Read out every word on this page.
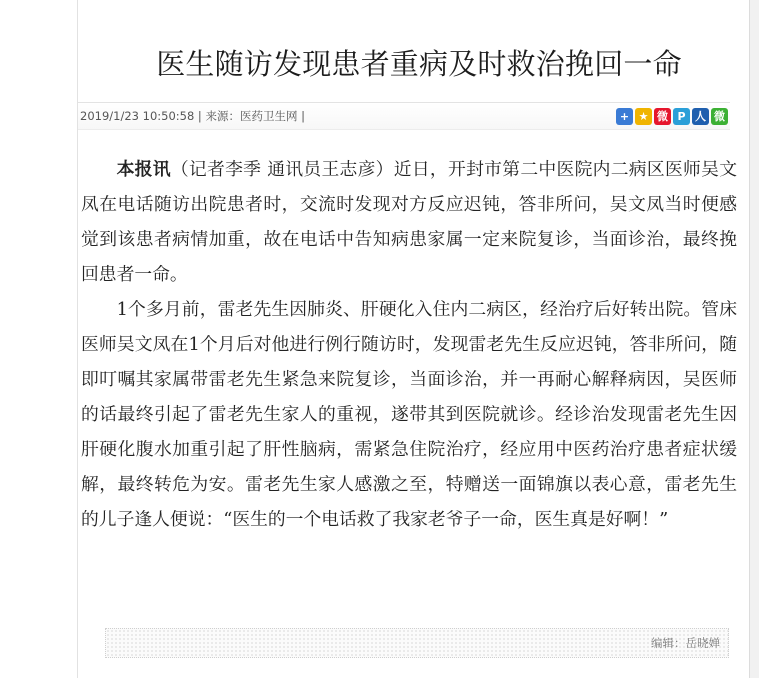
医生随访发现患者重病及时救治挽回一命
2019/1/23 10:50:58 | 来源：医药卫生网 |	+ ★ 微 P 人 微

本报讯（记者李季 通讯员王志彦）近日，开封市第二中医院内二病区医师吴文凤在电话随访出院患者时，交流时发现对方反应迟钝，答非所问，吴文凤当时便感觉到该患者病情加重，故在电话中告知病患家属一定来院复诊，当面诊治，最终挽回患者一命。

1个多月前，雷老先生因肺炎、肝硬化入住内二病区，经治疗后好转出院。管床医师吴文凤在1个月后对他进行例行随访时，发现雷老先生反应迟钝，答非所问，随即叮嘱其家属带雷老先生紧急来院复诊，当面诊治，并一再耐心解释病因，吴医师的话最终引起了雷老先生家人的重视，遂带其到医院就诊。经诊治发现雷老先生因肝硬化腹水加重引起了肝性脑病，需紧急住院治疗，经应用中医药治疗患者症状缓解，最终转危为安。雷老先生家人感激之至，特赠送一面锦旗以表心意，雷老先生的儿子逢人便说：“医生的一个电话救了我家老爷子一命，医生真是好啊！”

编辑：岳晓婵
